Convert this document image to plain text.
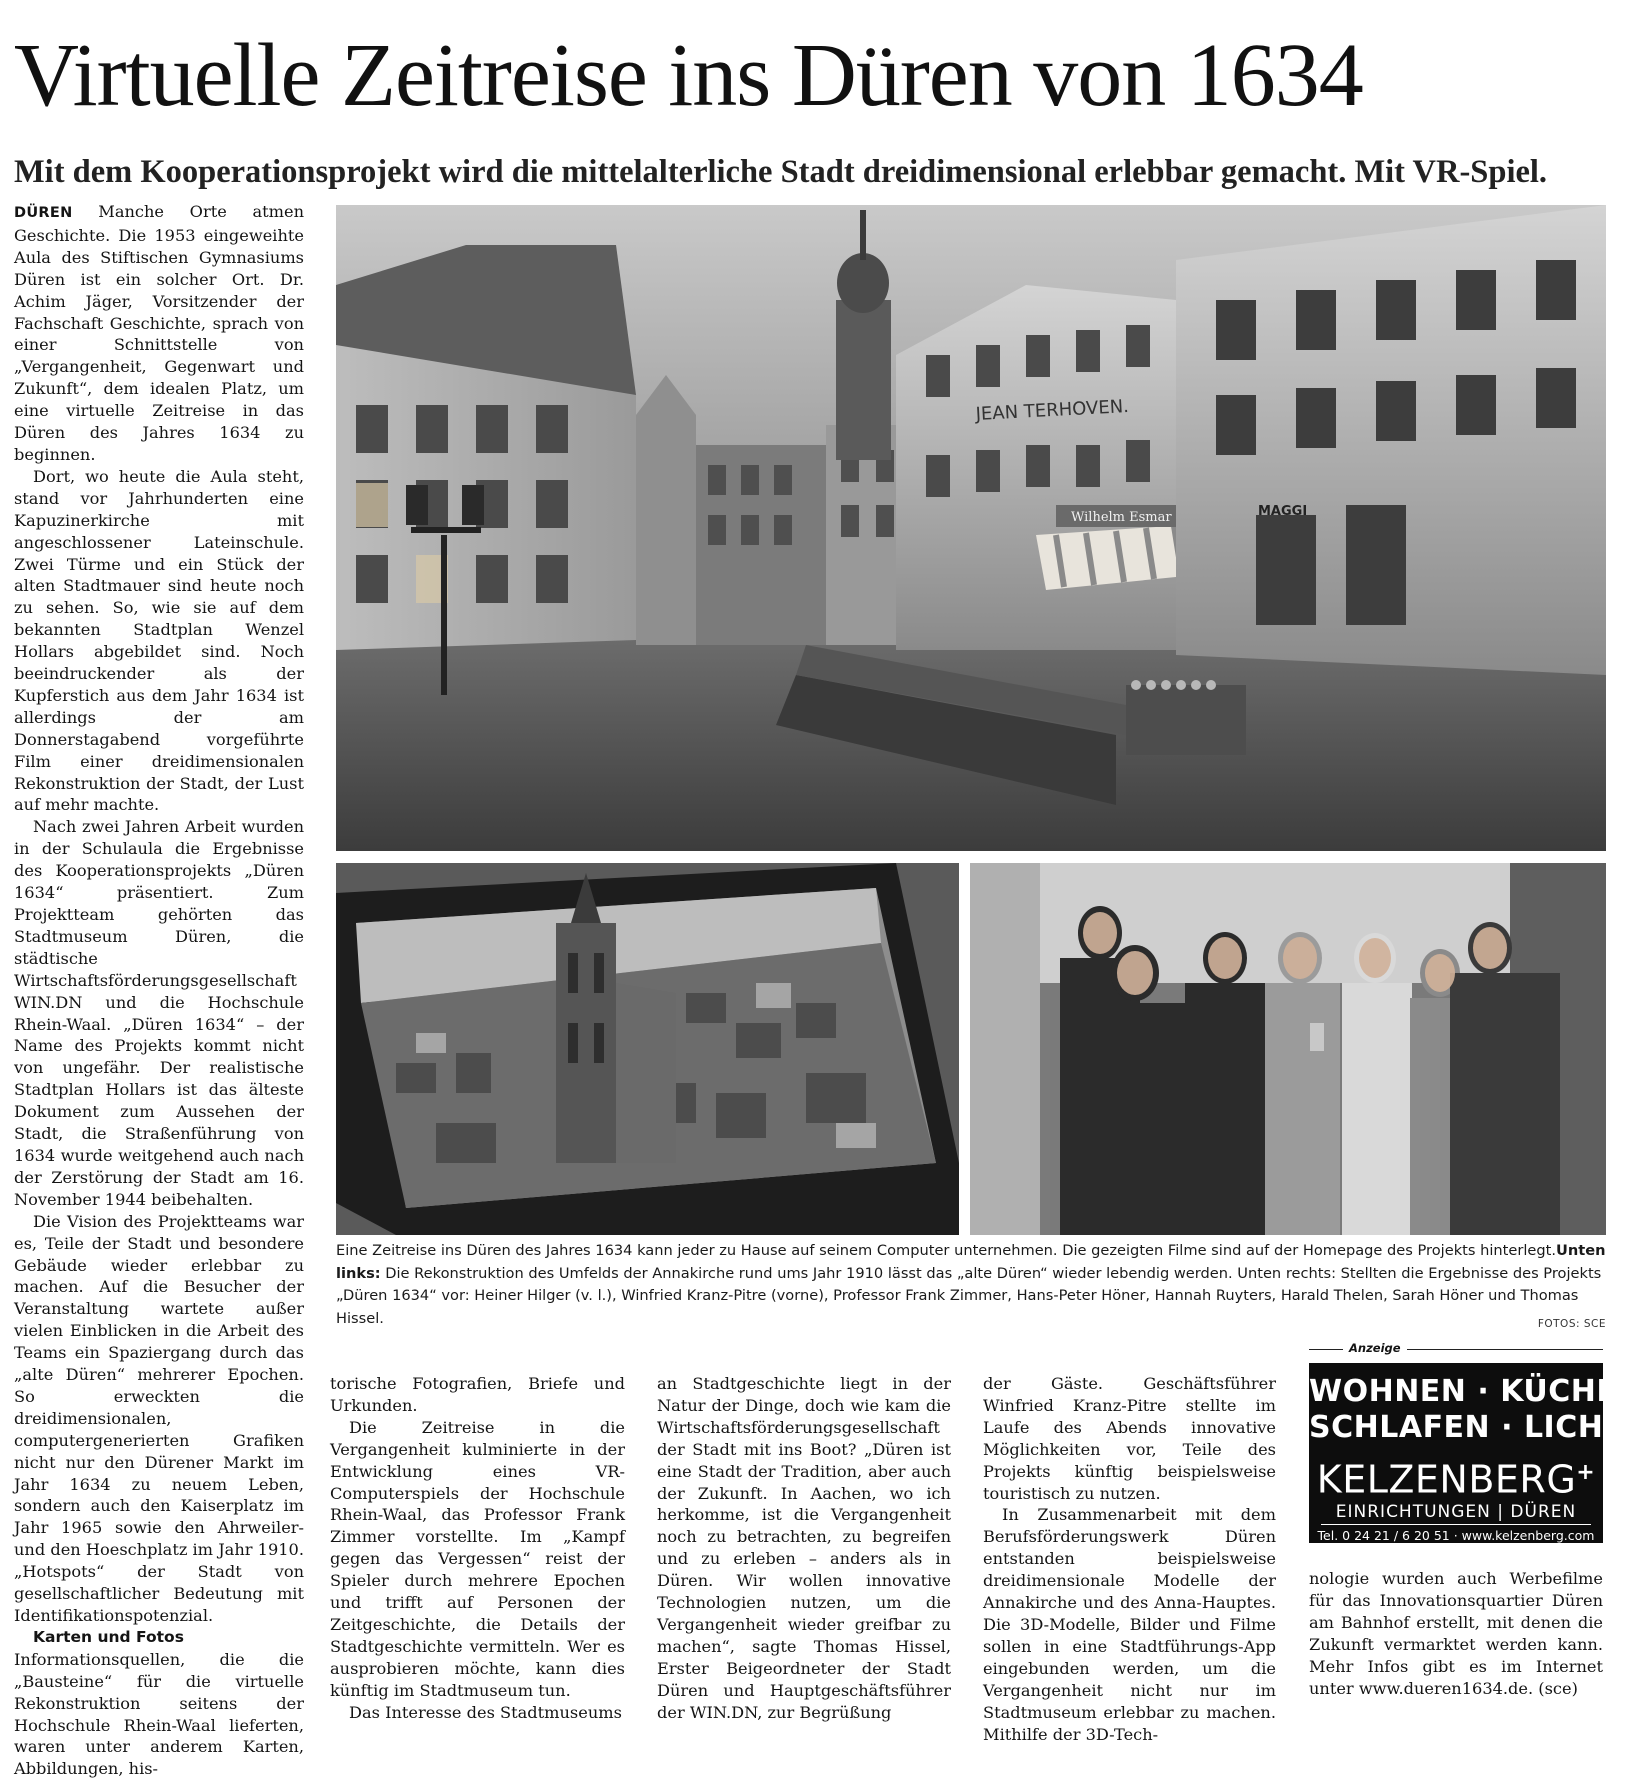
Virtuelle Zeitreise ins Düren von 1634
Mit dem Kooperationsprojekt wird die mittelalterliche Stadt dreidimensional erlebbar gemacht. Mit VR-Spiel.

DÜREN Manche Orte atmen Geschichte. Die 1953 eingeweihte Aula des Stiftischen Gymnasiums Düren ist ein solcher Ort. Dr. Achim Jäger, Vorsitzender der Fachschaft Geschichte, sprach von einer Schnittstelle von „Vergangenheit, Gegenwart und Zukunft“, dem idealen Platz, um eine virtuelle Zeitreise in das Düren des Jahres 1634 zu beginnen.

Dort, wo heute die Aula steht, stand vor Jahrhunderten eine Kapuzinerkirche mit angeschlossener Lateinschule. Zwei Türme und ein Stück der alten Stadtmauer sind heute noch zu sehen. So, wie sie auf dem bekannten Stadtplan Wenzel Hollars abgebildet sind. Noch beeindruckender als der Kupferstich aus dem Jahr 1634 ist allerdings der am Donnerstagabend vorgeführte Film einer dreidimensionalen Rekonstruktion der Stadt, der Lust auf mehr machte.

Nach zwei Jahren Arbeit wurden in der Schulaula die Ergebnisse des Kooperationsprojekts „Düren 1634“ präsentiert. Zum Projektteam gehörten das Stadtmuseum Düren, die städtische Wirtschaftsförderungsgesellschaft WIN.DN und die Hochschule Rhein-Waal. „Düren 1634“ – der Name des Projekts kommt nicht von ungefähr. Der realistische Stadtplan Hollars ist das älteste Dokument zum Aussehen der Stadt, die Straßenführung von 1634 wurde weitgehend auch nach der Zerstörung der Stadt am 16. November 1944 beibehalten.

Die Vision des Projektteams war es, Teile der Stadt und besondere Gebäude wieder erlebbar zu machen. Auf die Besucher der Veranstaltung wartete außer vielen Einblicken in die Arbeit des Teams ein Spaziergang durch das „alte Düren“ mehrerer Epochen. So erweckten die dreidimensionalen, computergenerierten Grafiken nicht nur den Dürener Markt im Jahr 1634 zu neuem Leben, sondern auch den Kaiserplatz im Jahr 1965 sowie den Ahrweiler- und den Hoeschplatz im Jahr 1910. „Hotspots“ der Stadt von gesellschaftlicher Bedeutung mit Identifikationspotenzial.

Karten und Fotos

Informationsquellen, die die „Bausteine“ für die virtuelle Rekonstruktion seitens der Hochschule Rhein-Waal lieferten, waren unter anderem Karten, Abbildungen, his-

torische Fotografien, Briefe und Urkunden.

Die Zeitreise in die Vergangenheit kulminierte in der Entwicklung eines VR-Computerspiels der Hochschule Rhein-Waal, das Professor Frank Zimmer vorstellte. Im „Kampf gegen das Vergessen“ reist der Spieler durch mehrere Epochen und trifft auf Personen der Zeitgeschichte, die Details der Stadtgeschichte vermitteln. Wer es ausprobieren möchte, kann dies künftig im Stadtmuseum tun.

Das Interesse des Stadtmuseums

an Stadtgeschichte liegt in der Natur der Dinge, doch wie kam die Wirtschaftsförderungsgesellschaft der Stadt mit ins Boot? „Düren ist eine Stadt der Tradition, aber auch der Zukunft. In Aachen, wo ich herkomme, ist die Vergangenheit noch zu betrachten, zu begreifen und zu erleben – anders als in Düren. Wir wollen innovative Technologien nutzen, um die Vergangenheit wieder greifbar zu machen“, sagte Thomas Hissel, Erster Beigeordneter der Stadt Düren und Hauptgeschäftsführer der WIN.DN, zur Begrüßung

der Gäste. Geschäftsführer Winfried Kranz-Pitre stellte im Laufe des Abends innovative Möglichkeiten vor, Teile des Projekts künftig beispielsweise touristisch zu nutzen.

In Zusammenarbeit mit dem Berufsförderungswerk Düren entstanden beispielsweise dreidimensionale Modelle der Annakirche und des Anna-Hauptes. Die 3D-Modelle, Bilder und Filme sollen in eine Stadtführungs-App eingebunden werden, um die Vergangenheit nicht nur im Stadtmuseum erlebbar zu machen. Mithilfe der 3D-Tech-

nologie wurden auch Werbefilme für das Innovationsquartier Düren am Bahnhof erstellt, mit denen die Zukunft vermarktet werden kann. Mehr Infos gibt es im Internet unter www.dueren1634.de. (sce)

JEAN TERHOVEN.
Wilhelm Esmar	MAGGI
Eine Zeitreise ins Düren des Jahres 1634 kann jeder zu Hause auf seinem Computer unternehmen. Die gezeigten Filme sind auf der Homepage des Projekts hinterlegt.Unten links: Die Rekonstruktion des Umfelds der Annakirche rund ums Jahr 1910 lässt das „alte Düren“ wieder lebendig werden. Unten rechts: Stellten die Ergebnisse des Projekts „Düren 1634“ vor: Heiner Hilger (v. l.), Winfried Kranz-Pitre (vorne), Professor Frank Zimmer, Hans-Peter Höner, Hannah Ruyters, Harald Thelen, Sarah Höner und Thomas Hissel.	FOTOS: SCE
Anzeige
WOHNEN · KÜCHE
SCHLAFEN · LICHT
KELZENBERG+
EINRICHTUNGEN | DÜREN
Tel. 0 24 21 / 6 20 51 · www.kelzenberg.com
